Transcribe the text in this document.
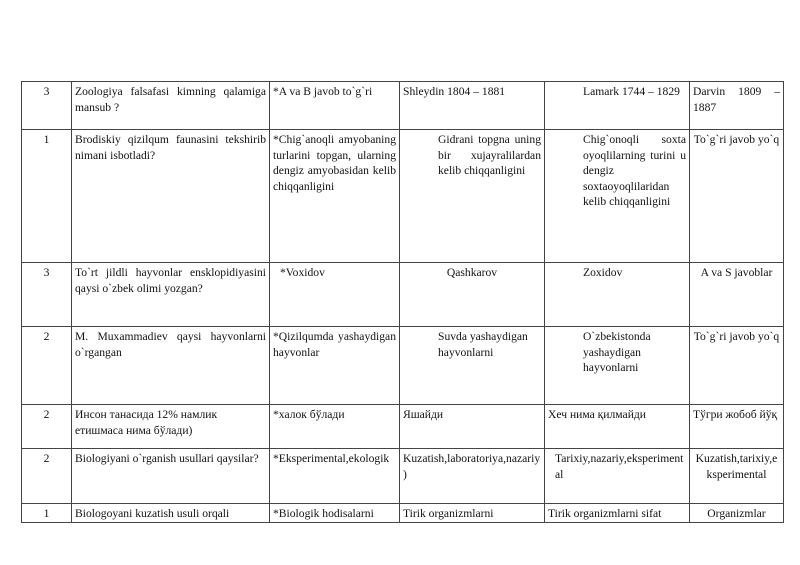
3	Zoologiya falsafasi kimning qalamiga mansub ?	*A va B javob to`g`ri	Shleydin 1804 – 1881	Lamark 1744 – 1829	Darvin 1809 – 1887
1	Brodiskiy qizilqum faunasini tekshirib nimani isbotladi?	*Chig`anoqli amyobaning turlarini topgan, ularning dengiz amyobasidan kelib chiqqanligini	Gidrani topgna uning bir xujayralilardan kelib chiqqanligini	Chig`onoqli soxta oyoqlilarning turini u dengiz soxtaoyoqlilaridan kelib chiqqanligini	To`g`ri javob yo`q
3	To`rt jildli hayvonlar ensklopidiyasini qaysi o`zbek olimi yozgan?	*Voxidov	Qashkarov	Zoxidov	A va S javoblar
2	M. Muxammadiev qaysi hayvonlarni o`rgangan	*Qizilqumda yashaydigan hayvonlar	Suvda yashaydigan hayvonlarni	O`zbekistonda yashaydigan hayvonlarni	To`g`ri javob yo`q
2	Инсон танасида 12% намлик етишмаса нима бўлади)	*халок бўлади	Яшайди	Хеч нима қилмайди	Тўгри жобоб йўқ
2	Biologiyani o`rganish usullari qaysilar?	*Eksperimental,ekologik	Kuzatish,laboratoriya,nazariy)	Tarixiy,nazariy,eksperimental	Kuzatish,tarixiy,eksperimental
1	Biologoyani kuzatish usuli orqali	*Biologik hodisalarni	Tirik organizmlarni	Tirik organizmlarni sifat	Organizmlar
